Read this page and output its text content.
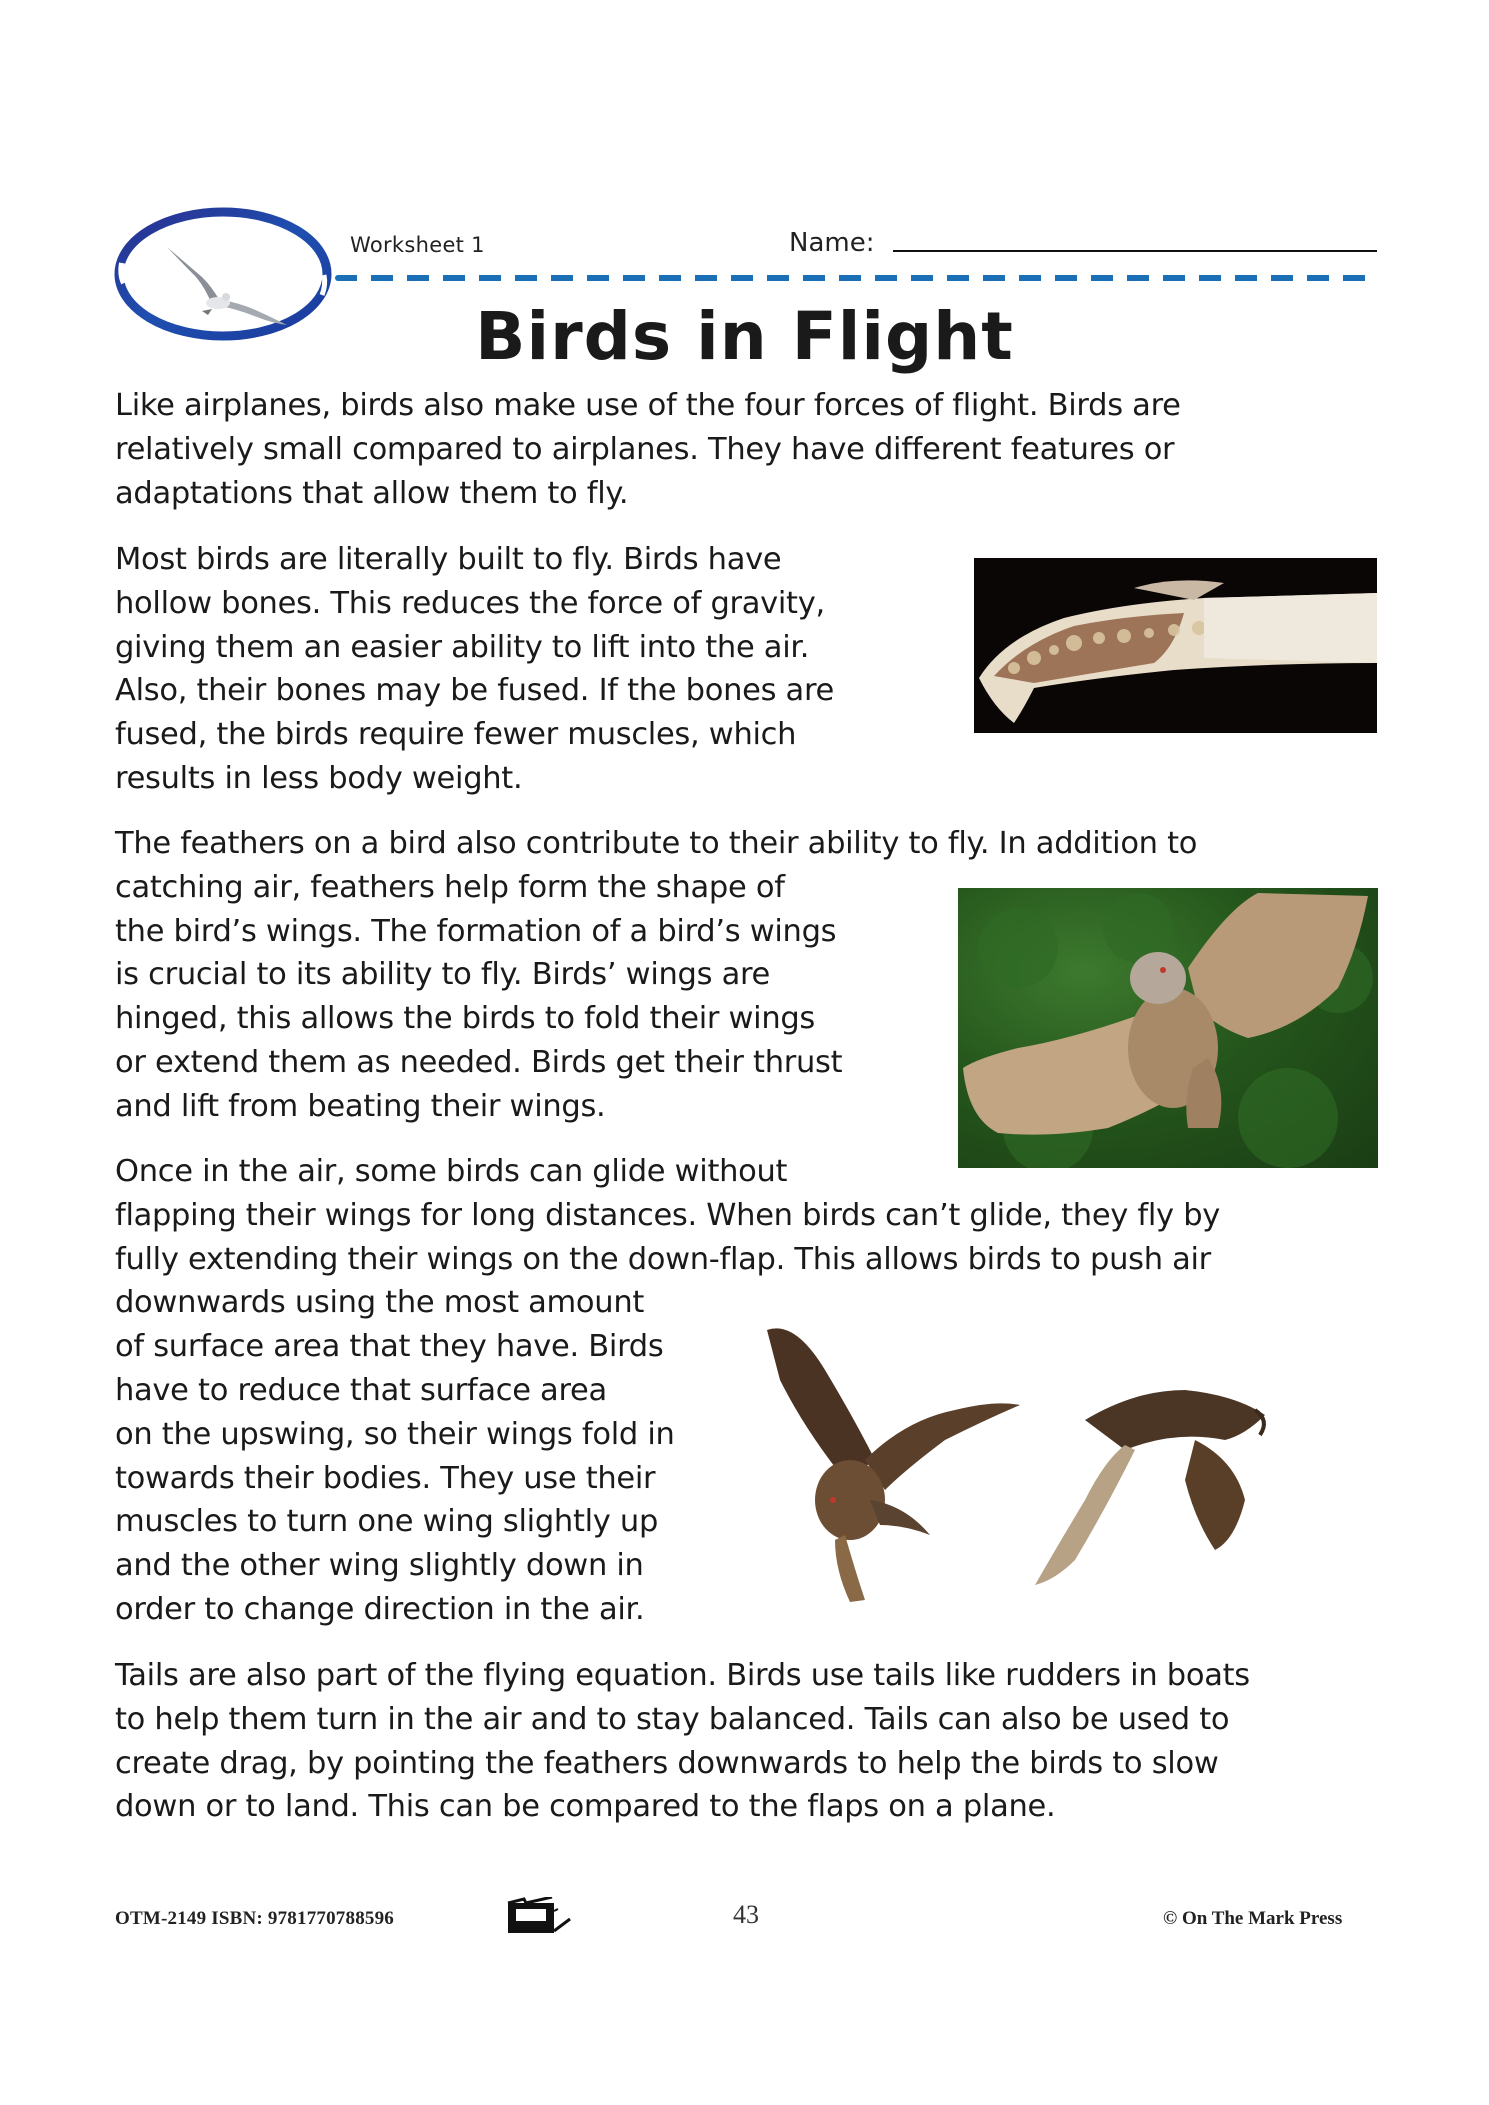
Worksheet 1	Name:
Birds in Flight
Like airplanes, birds also make use of the four forces of flight. Birds are
relatively small compared to airplanes. They have different features or
adaptations that allow them to fly.
Most birds are literally built to fly. Birds have
hollow bones. This reduces the force of gravity,
giving them an easier ability to lift into the air.
Also, their bones may be fused. If the bones are
fused, the birds require fewer muscles, which
results in less body weight.
The feathers on a bird also contribute to their ability to fly. In addition to
catching air, feathers help form the shape of
the bird’s wings. The formation of a bird’s wings
is crucial to its ability to fly. Birds’ wings are
hinged, this allows the birds to fold their wings
or extend them as needed. Birds get their thrust
and lift from beating their wings.
Once in the air, some birds can glide without
flapping their wings for long distances. When birds can’t glide, they fly by
fully extending their wings on the down-flap. This allows birds to push air
downwards using the most amount
of surface area that they have. Birds
have to reduce that surface area
on the upswing, so their wings fold in
towards their bodies. They use their
muscles to turn one wing slightly up
and the other wing slightly down in
order to change direction in the air.
Tails are also part of the flying equation. Birds use tails like rudders in boats
to help them turn in the air and to stay balanced. Tails can also be used to
create drag, by pointing the feathers downwards to help the birds to slow
down or to land. This can be compared to the flaps on a plane.
OTM-2149 ISBN: 9781770788596	43	© On The Mark Press
